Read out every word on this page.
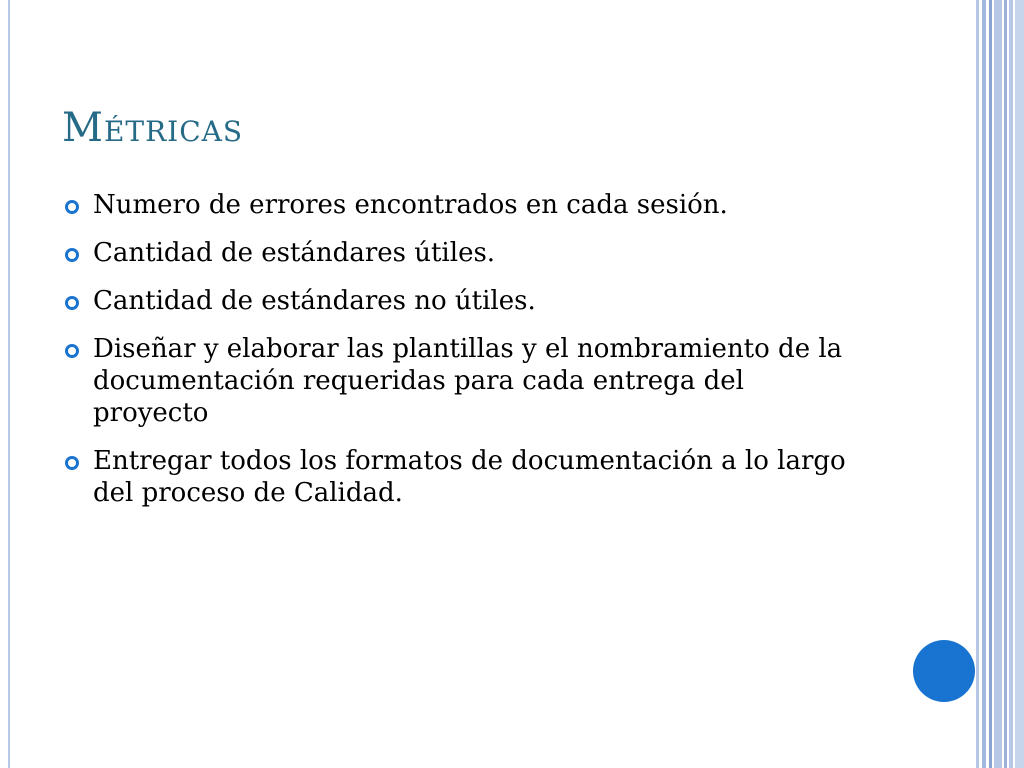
Métricas
Numero de errores encontrados en cada sesión.
Cantidad de estándares útiles.
Cantidad de estándares no útiles.
Diseñar y elaborar las plantillas y el nombramiento de la documentación requeridas para cada entrega del proyecto
Entregar todos los formatos de documentación a lo largo del proceso de Calidad.
